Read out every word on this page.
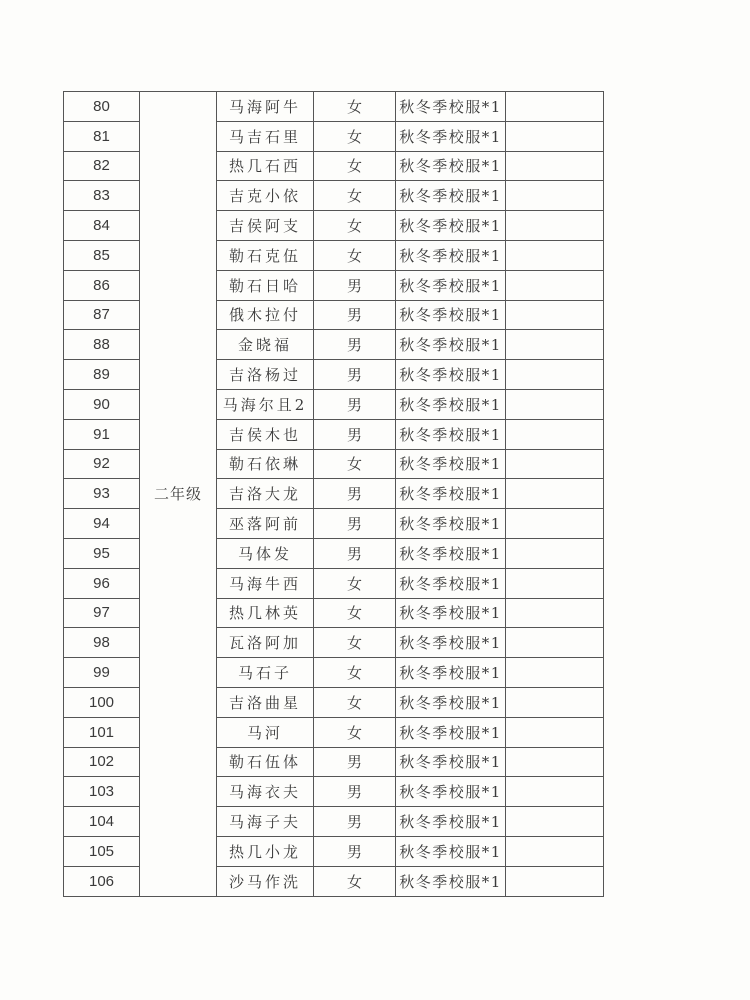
80	二年级	马海阿牛	女	秋冬季校服*1	
81		马吉石里	女	秋冬季校服*1	
82		热几石西	女	秋冬季校服*1	
83		吉克小依	女	秋冬季校服*1	
84		吉侯阿支	女	秋冬季校服*1	
85		勒石克伍	女	秋冬季校服*1	
86		勒石日哈	男	秋冬季校服*1	
87		俄木拉付	男	秋冬季校服*1	
88		金晓福	男	秋冬季校服*1	
89		吉洛杨过	男	秋冬季校服*1	
90		马海尔且2	男	秋冬季校服*1	
91		吉侯木也	男	秋冬季校服*1	
92		勒石依琳	女	秋冬季校服*1	
93		吉洛大龙	男	秋冬季校服*1	
94		巫落阿前	男	秋冬季校服*1	
95		马体发	男	秋冬季校服*1	
96		马海牛西	女	秋冬季校服*1	
97		热几林英	女	秋冬季校服*1	
98		瓦洛阿加	女	秋冬季校服*1	
99		马石子	女	秋冬季校服*1	
100		吉洛曲星	女	秋冬季校服*1	
101		马河	女	秋冬季校服*1	
102		勒石伍体	男	秋冬季校服*1	
103		马海衣夫	男	秋冬季校服*1	
104		马海子夫	男	秋冬季校服*1	
105		热几小龙	男	秋冬季校服*1	
106		沙马作洗	女	秋冬季校服*1	
